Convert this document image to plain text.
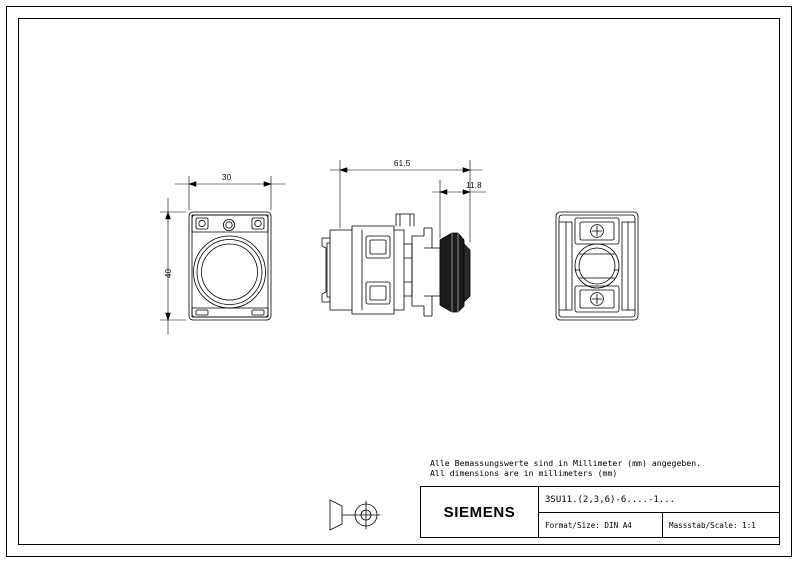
30
40
61.5
11.8
Alle Bemassungswerte sind in Millimeter (mm) angegeben.
All dimensions are in millimeters (mm)
SIEMENS
3SU11.(2,3,6)-6....-1...
Format/Size: DIN A4	Massstab/Scale: 1:1
